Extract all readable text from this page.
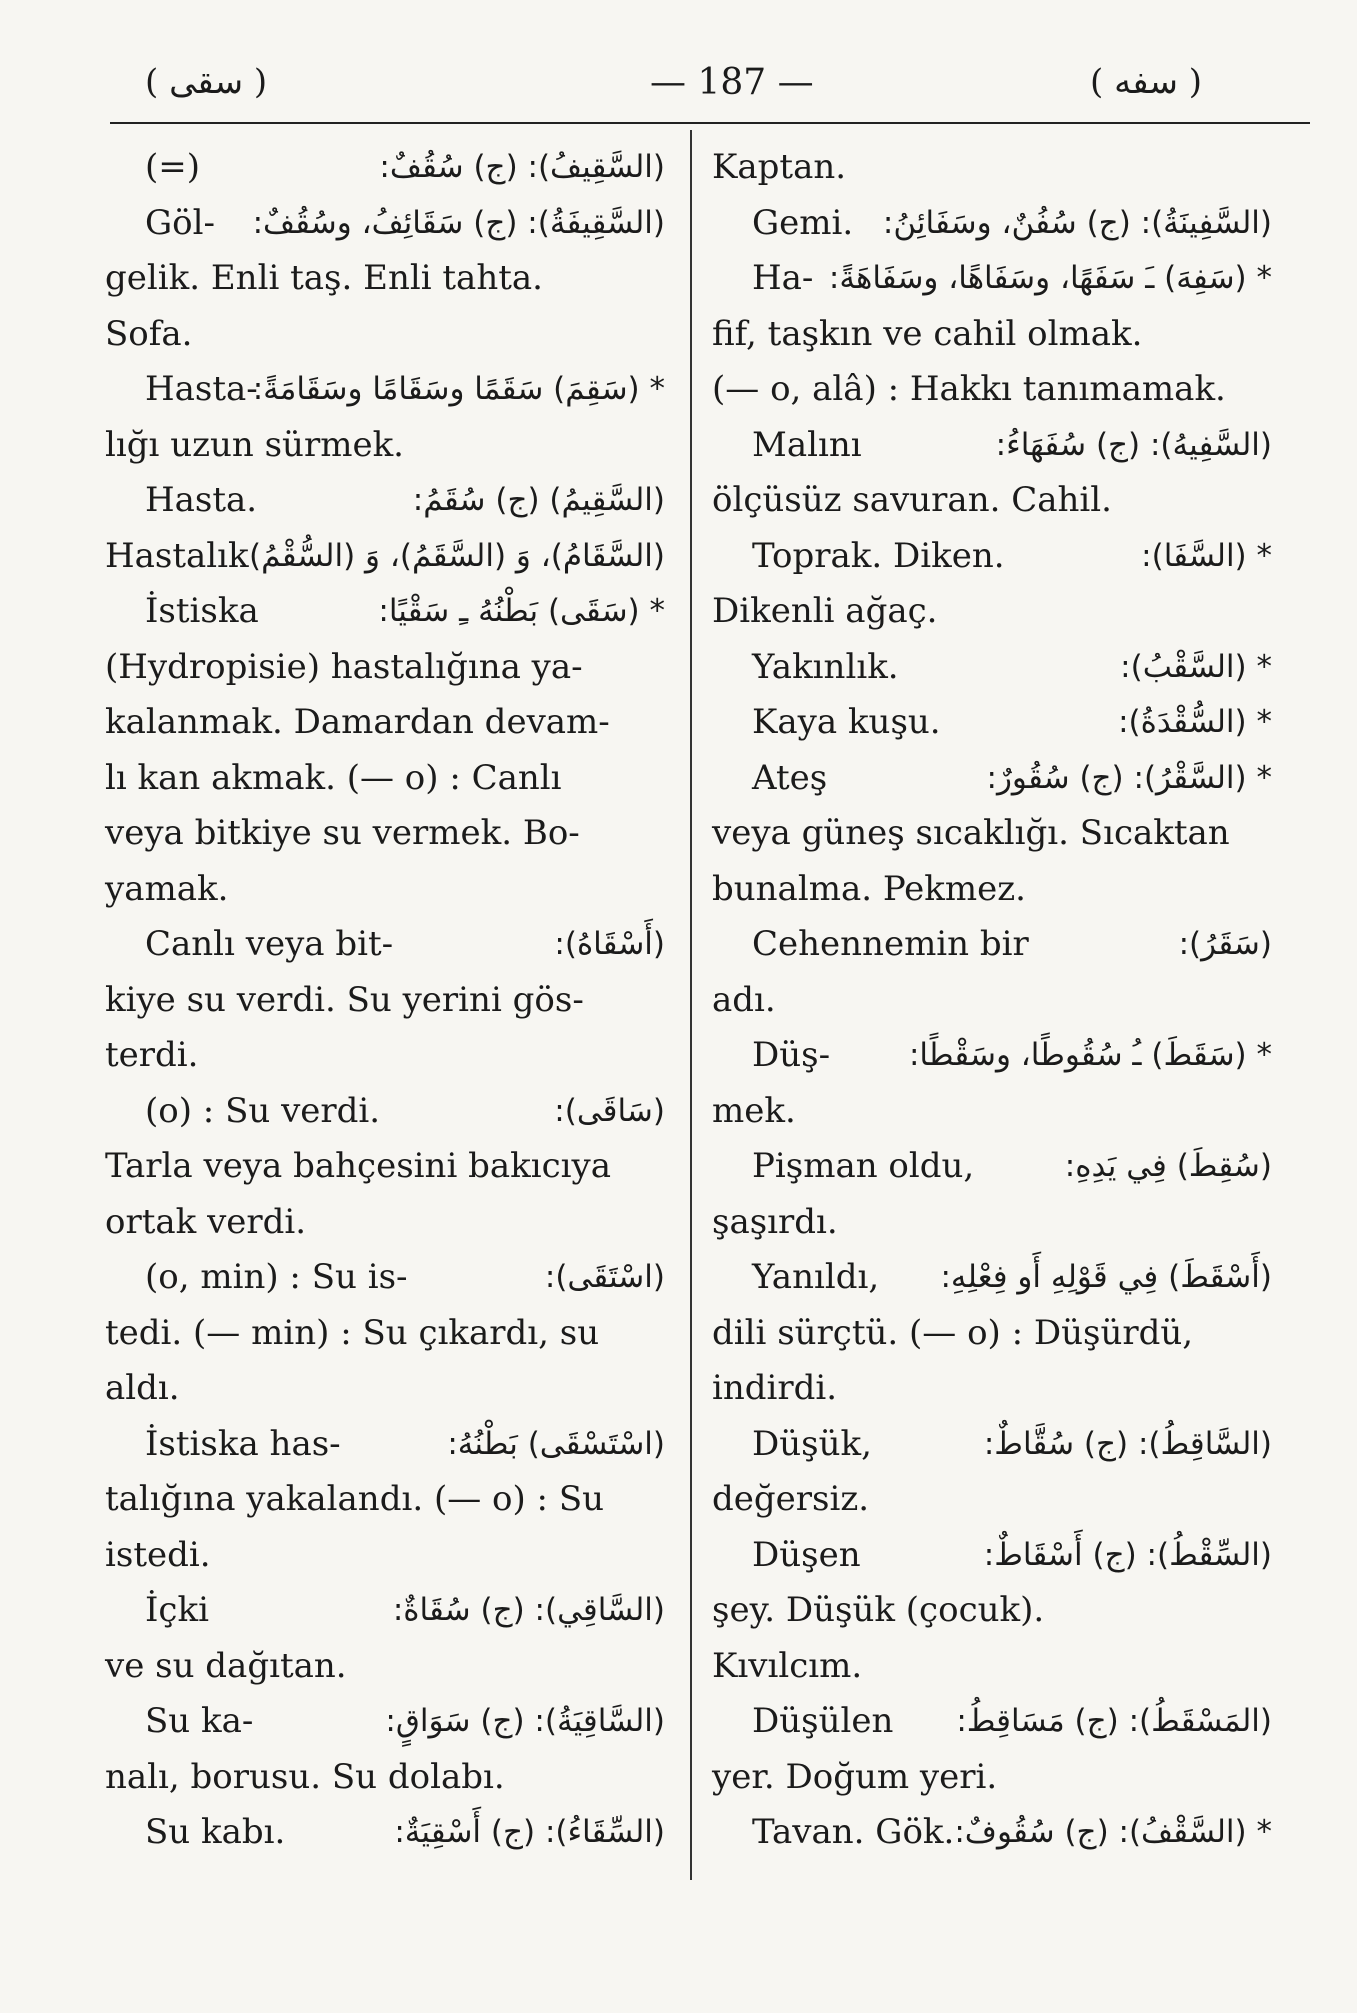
( سقى )	— 187 —	( سفه )
(=)	(السَّقِيفُ): (ج) سُقُفٌ:
Göl- (السَّقِيفَةُ): (ج) سَقَائِفُ، وسُقُفٌ:
gelik. Enli taş. Enli tahta.
Sofa.
Hasta-
* (سَقِمَ) سَقَمًا وسَقَامًا وسَقَامَةً:
lığı uzun sürmek.
Hasta.	(السَّقِيمُ) (ج) سُقَمُ:
Hastalık (السَّقَامُ)، وَ (السَّقَمُ)، وَ (السُّقْمُ)
İstiska	* (سَقَى) بَطْنُهُ ـِ سَقْيًا:
(Hydropisie) hastalığına ya-
kalanmak. Damardan devam-
lı kan akmak. (— o) : Canlı
veya bitkiye su vermek. Bo-
yamak.
Canlı veya bit-	(أَسْقَاهُ):
kiye su verdi. Su yerini gös-
terdi.
(o) : Su verdi.	(سَاقَى):
Tarla veya bahçesini bakıcıya
ortak verdi.
(o, min) : Su is-	(اسْتَقَى):
tedi. (— min) : Su çıkardı, su
aldı.
İstiska has-	(اسْتَسْقَى) بَطْنُهُ:
talığına yakalandı. (— o) : Su
istedi.
İçki	(السَّاقِي): (ج) سُقَاةٌ:
ve su dağıtan.
Su ka-	(السَّاقِيَةُ): (ج) سَوَاقٍ:
nalı, borusu. Su dolabı.
Su kabı.	(السِّقَاءُ): (ج) أَسْقِيَةٌ:
Kaptan.
Gemi. (السَّفِينَةُ): (ج) سُفُنٌ، وسَفَائِنُ:
Ha- * (سَفِهَ) ـَ سَفَهًا، وسَفَاهًا، وسَفَاهَةً:
fif, taşkın ve cahil olmak.
(— o, alâ) : Hakkı tanımamak.
Malını	(السَّفِيهُ): (ج) سُفَهَاءُ:
ölçüsüz savuran. Cahil.
Toprak. Diken.	* (السَّفَا):
Dikenli ağaç.
Yakınlık.	* (السَّقْبُ):
Kaya kuşu.	* (السُّقْدَةُ):
Ateş	* (السَّقْرُ): (ج) سُقُورٌ:
veya güneş sıcaklığı. Sıcaktan
bunalma. Pekmez.
Cehennemin bir	(سَقَرُ):
adı.
Düş-	* (سَقَطَ) ـُ سُقُوطًا، وسَقْطًا:
mek.
Pişman oldu,	(سُقِطَ) فِي يَدِهِ:
şaşırdı.
Yanıldı, (أَسْقَطَ) فِي قَوْلِهِ أَو فِعْلِهِ:
dili sürçtü. (— o) : Düşürdü,
indirdi.
Düşük,	(السَّاقِطُ): (ج) سُقَّاطٌ:
değersiz.
Düşen	(السِّقْطُ): (ج) أَسْقَاطٌ:
şey. Düşük (çocuk).
Kıvılcım.
Düşülen (المَسْقَطُ): (ج) مَسَاقِطُ:
yer. Doğum yeri.
Tavan. Gök. * (السَّقْفُ): (ج) سُقُوفٌ:
